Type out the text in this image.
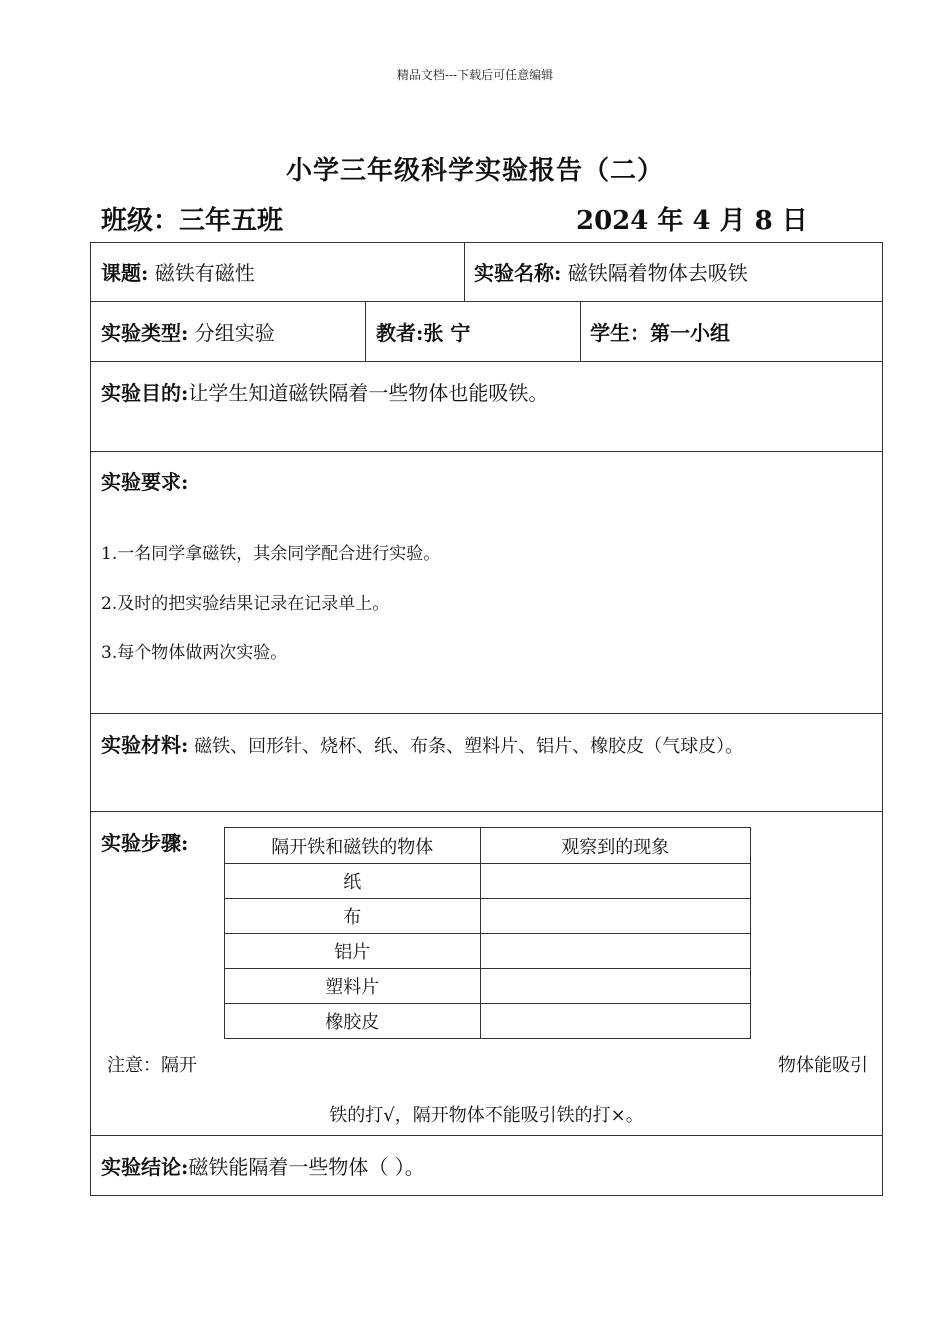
精品文档---下载后可任意编辑
小学三年级科学实验报告（二）
班级：三年五班	2024 年 4 月 8 日
课题: 磁铁有磁性	实验名称: 磁铁隔着物体去吸铁
实验类型: 分组实验	教者:张 宁	学生：第一小组
实验目的:让学生知道磁铁隔着一些物体也能吸铁。
实验要求:
1.一名同学拿磁铁，其余同学配合进行实验。
2.及时的把实验结果记录在记录单上。
3.每个物体做两次实验。
实验材料: 磁铁、回形针、烧杯、纸、布条、塑料片、铝片、橡胶皮（气球皮）。
实验步骤:	隔开铁和磁铁的物体	观察到的现象
纸	
布	
铝片	
塑料片	
橡胶皮	
注意：隔开	物体能吸引
铁的打√，隔开物体不能吸引铁的打×。
实验结论:磁铁能隔着一些物体（ ）。
